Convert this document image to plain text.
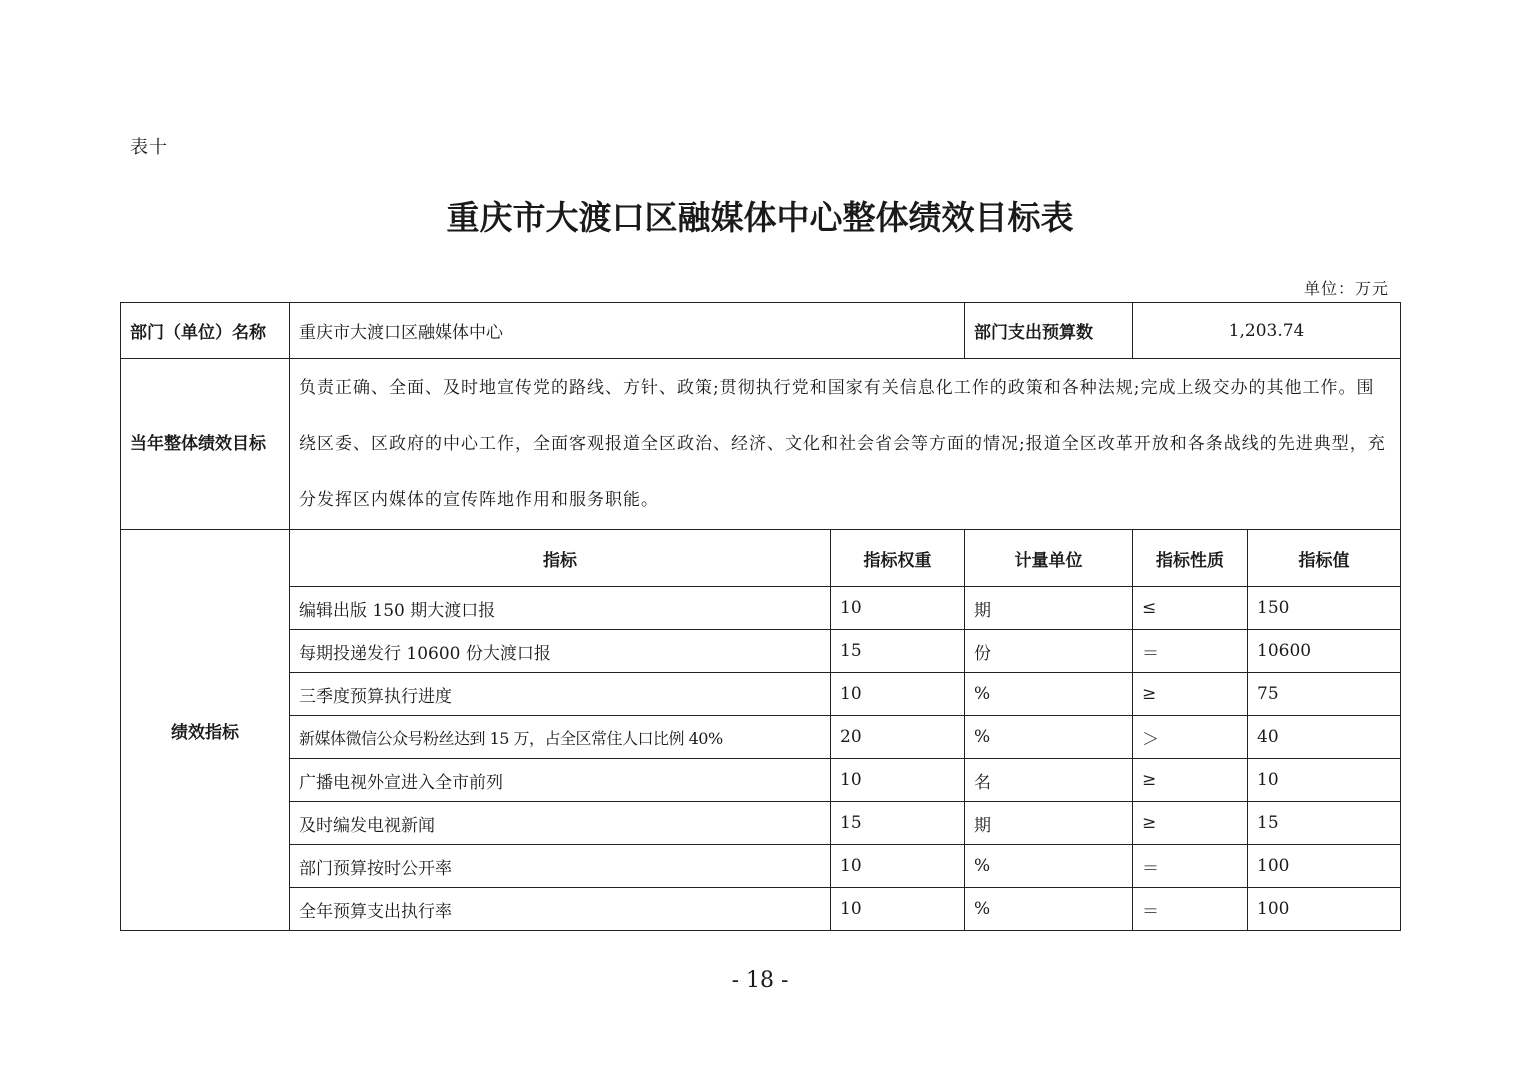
表十
重庆市大渡口区融媒体中心整体绩效目标表
单位：万元
部门（单位）名称	重庆市大渡口区融媒体中心		部门支出预算数	1,203.74	
当年整体绩效目标	负责正确、全面、及时地宣传党的路线、方针、政策;贯彻执行党和国家有关信息化工作的政策和各种法规;完成上级交办的其他工作。围绕区委、区政府的中心工作，全面客观报道全区政治、经济、文化和社会省会等方面的情况;报道全区改革开放和各条战线的先进典型，充分发挥区内媒体的宣传阵地作用和服务职能。				
绩效指标	指标	指标权重	计量单位	指标性质	指标值
	编辑出版 150 期大渡口报	10	期	≤	150
	每期投递发行 10600 份大渡口报	15	份	＝	10600
	三季度预算执行进度	10	%	≥	75
	新媒体微信公众号粉丝达到 15 万，占全区常住人口比例 40%	20	%	＞	40
	广播电视外宣进入全市前列	10	名	≥	10
	及时编发电视新闻	15	期	≥	15
	部门预算按时公开率	10	%	＝	100
	全年预算支出执行率	10	%	＝	100
- 18 -
